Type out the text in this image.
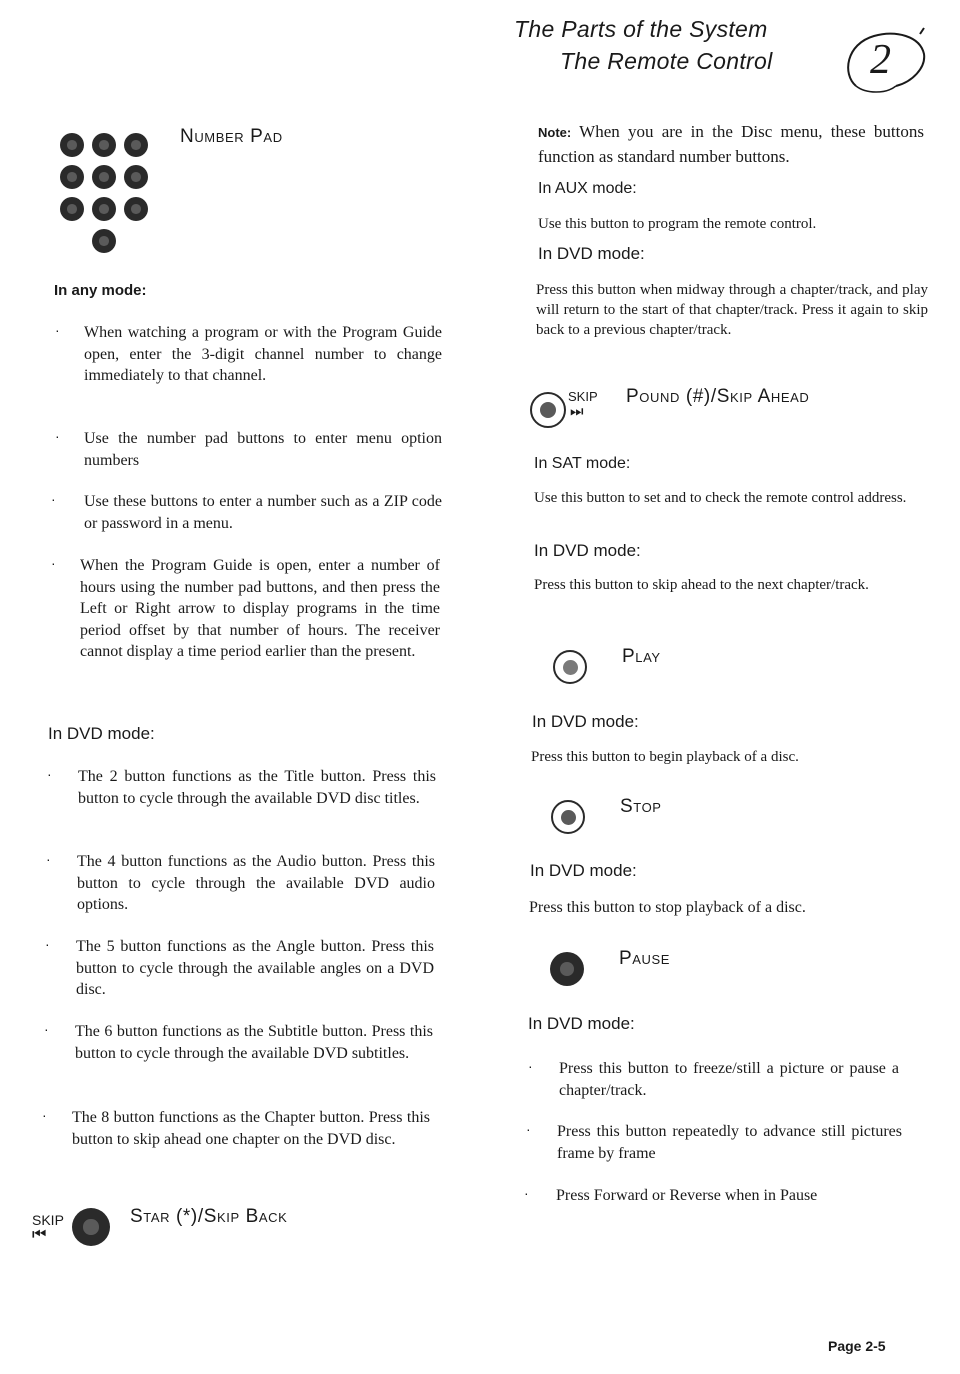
The Parts of the System
The Remote Control 2
Number Pad
In any mode:
· When watching a program or with the Program Guide open, enter the 3-digit channel number to change immediately to that channel.
· Use the number pad buttons to enter menu option numbers
· Use these buttons to enter a number such as a ZIP code or password in a menu.
· When the Program Guide is open, enter a number of hours using the number pad buttons, and then press the Left or Right arrow to display programs in the time period offset by that number of hours. The receiver cannot display a time period earlier than the present.
In DVD mode:
· The 2 button functions as the Title button. Press this button to cycle through the available DVD disc titles.
· The 4 button functions as the Audio button. Press this button to cycle through the available DVD audio options.
· The 5 button functions as the Angle button. Press this button to cycle through the available angles on a DVD disc.
· The 6 button functions as the Subtitle button. Press this button to cycle through the available DVD subtitles.
· The 8 button functions as the Chapter button. Press this button to skip ahead one chapter on the DVD disc.
SKIP
⏮
Star (*)/Skip Back
Note: When you are in the Disc menu, these buttons function as standard number buttons.
In AUX mode:
Use this button to program the remote control.
In DVD mode:
Press this button when midway through a chapter/track, and play will return to the start of that chapter/track. Press it again to skip back to a previous chapter/track.
SKIP
⏭
Pound (#)/Skip Ahead
In SAT mode:
Use this button to set and to check the remote control address.
In DVD mode:
Press this button to skip ahead to the next chapter/track.
Play
In DVD mode:
Press this button to begin playback of a disc.
Stop
In DVD mode:
Press this button to stop playback of a disc.
Pause
In DVD mode:
· Press this button to freeze/still a picture or pause a chapter/track.
· Press this button repeatedly to advance still pictures frame by frame
· Press Forward or Reverse when in Pause
Page 2-5
